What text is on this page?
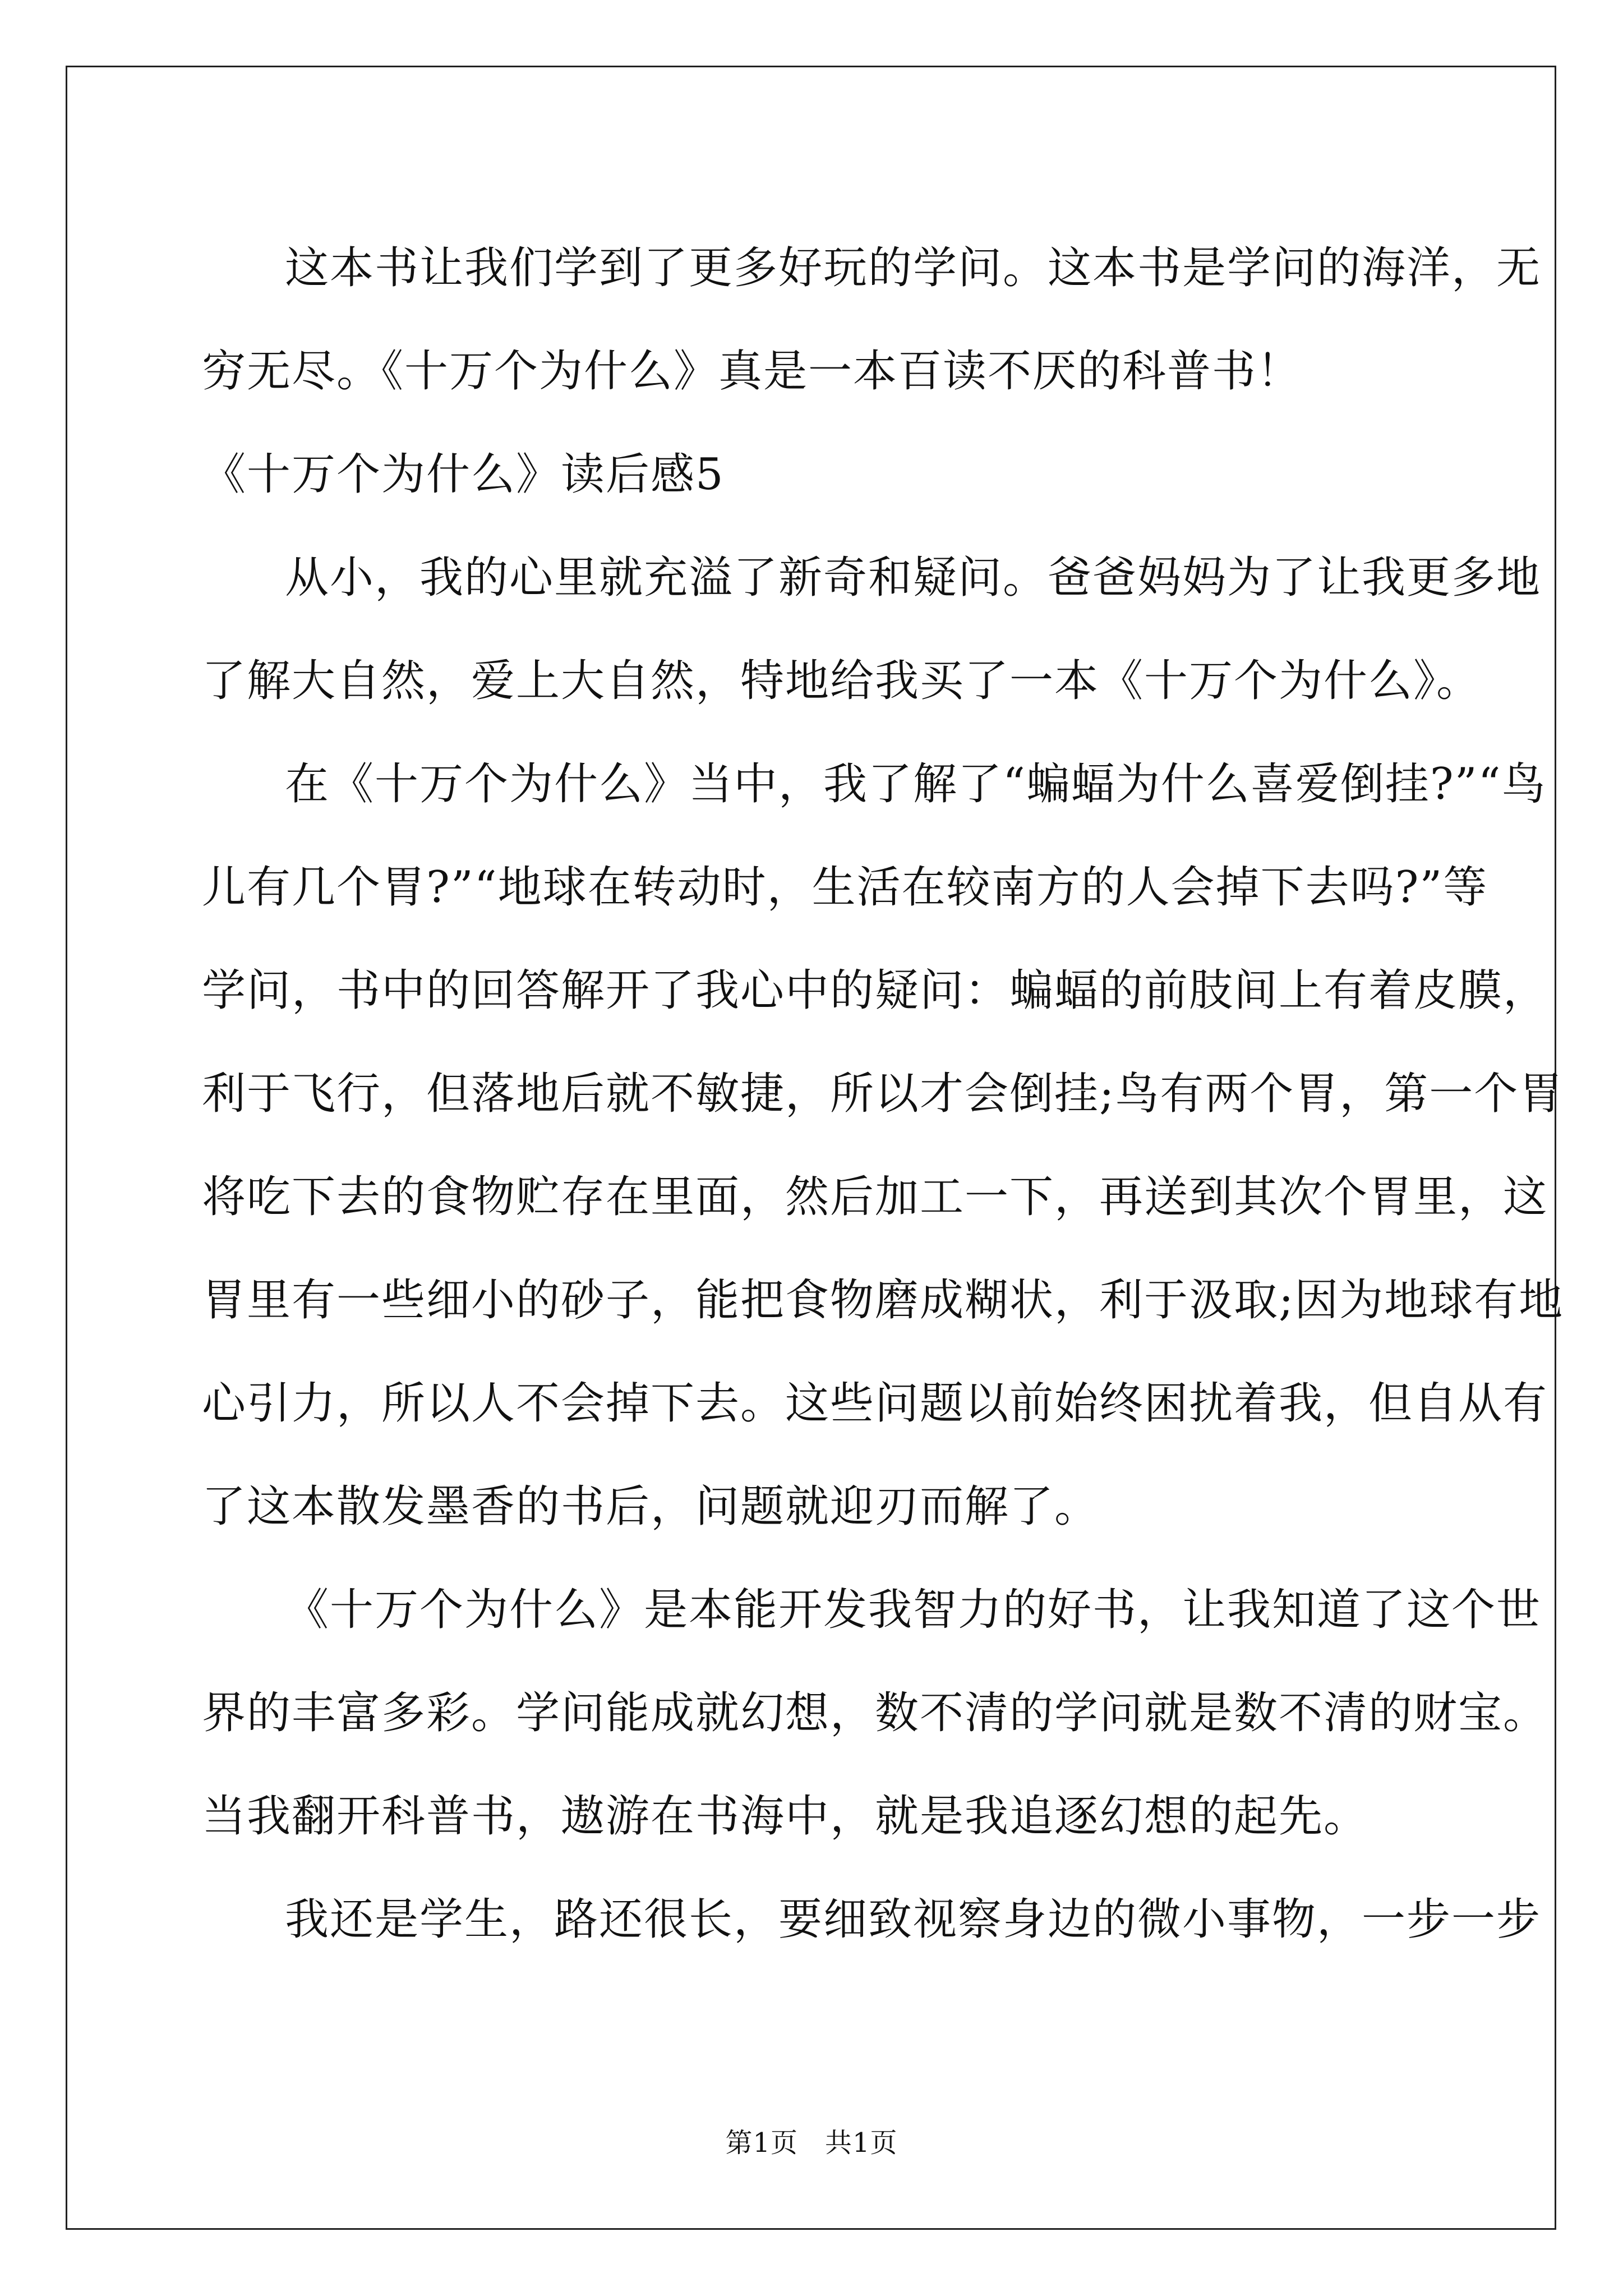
这本书让我们学到了更多好玩的学问。这本书是学问的海洋，无
穷无尽。《十万个为什么》真是一本百读不厌的科普书！
《十万个为什么》读后感5
从小，我的心里就充溢了新奇和疑问。爸爸妈妈为了让我更多地
了解大自然，爱上大自然，特地给我买了一本《十万个为什么》。
在《十万个为什么》当中，我了解了“蝙蝠为什么喜爱倒挂?”“鸟
儿有几个胃?”“地球在转动时，生活在较南方的人会掉下去吗?”等
学问，书中的回答解开了我心中的疑问：蝙蝠的前肢间上有着皮膜，
利于飞行，但落地后就不敏捷，所以才会倒挂;鸟有两个胃，第一个胃
将吃下去的食物贮存在里面，然后加工一下，再送到其次个胃里，这
胃里有一些细小的砂子，能把食物磨成糊状，利于汲取;因为地球有地
心引力，所以人不会掉下去。这些问题以前始终困扰着我，但自从有
了这本散发墨香的书后，问题就迎刃而解了。
《十万个为什么》是本能开发我智力的好书，让我知道了这个世
界的丰富多彩。学问能成就幻想，数不清的学问就是数不清的财宝。
当我翻开科普书，遨游在书海中，就是我追逐幻想的起先。
我还是学生，路还很长，要细致视察身边的微小事物，一步一步
第1页 共1页
